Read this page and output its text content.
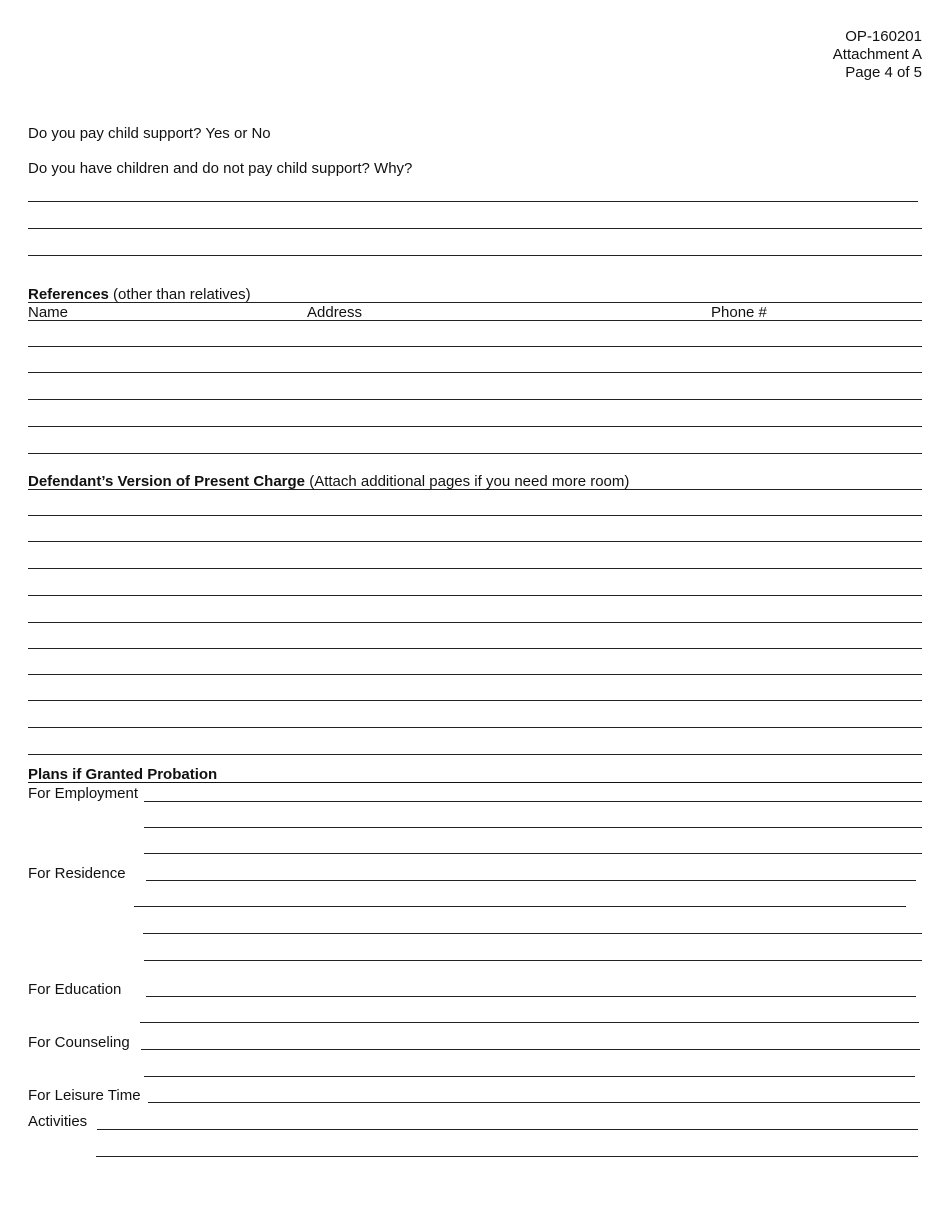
OP-160201
Attachment A
Page 4 of 5
Do you pay child support? Yes or No
Do you have children and do not pay child support? Why?
References (other than relatives)
Name	Address	Phone #
Defendant’s Version of Present Charge (Attach additional pages if you need more room)
Plans if Granted Probation
For Employment
For Residence
For Education
For Counseling
For Leisure Time
Activities
